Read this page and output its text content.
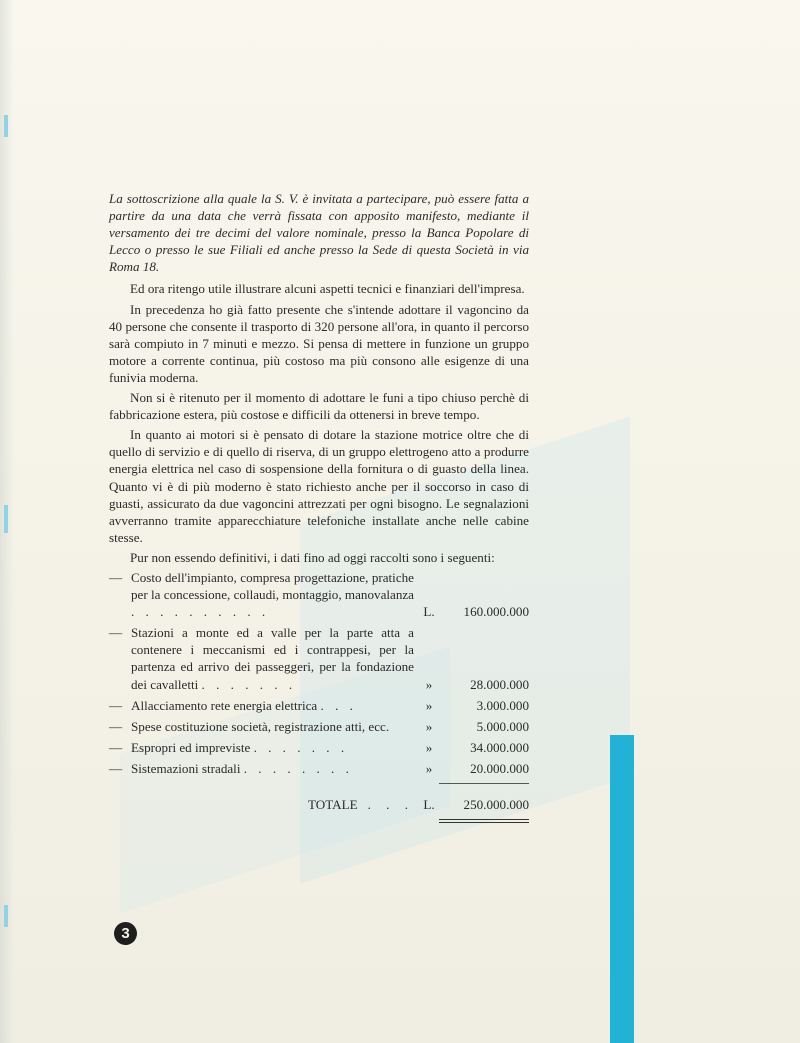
La sottoscrizione alla quale la S. V. è invitata a partecipare, può essere fatta a partire da una data che verrà fissata con apposito manifesto, mediante il versamento dei tre decimi del valore nominale, presso la Banca Popolare di Lecco o presso le sue Filiali ed anche presso la Sede di questa Società in via Roma 18.

Ed ora ritengo utile illustrare alcuni aspetti tecnici e finanziari dell'impresa.

In precedenza ho già fatto presente che s'intende adottare il vagoncino da 40 persone che consente il trasporto di 320 persone all'ora, in quanto il percorso sarà compiuto in 7 minuti e mezzo. Si pensa di mettere in funzione un gruppo motore a corrente continua, più costoso ma più consono alle esigenze di una funivia moderna.

Non si è ritenuto per il momento di adottare le funi a tipo chiuso perchè di fabbricazione estera, più costose e difficili da ottenersi in breve tempo.

In quanto ai motori si è pensato di dotare la stazione motrice oltre che di quello di servizio e di quello di riserva, di un gruppo elettrogeno atto a produrre energia elettrica nel caso di sospensione della fornitura o di guasto della linea. Quanto vi è di più moderno è stato richiesto anche per il soccorso in caso di guasti, assicurato da due vagoncini attrezzati per ogni bisogno. Le segnalazioni avverranno tramite apparecchiature telefoniche installate anche nelle cabine stesse.

Pur non essendo definitivi, i dati fino ad oggi raccolti sono i seguenti:

— Costo dell'impianto, compresa progettazione, pratiche per la concessione, collaudi, montaggio, manovalanza . . . . . . . . . .	L.	160.000.000
— Stazioni a monte ed a valle per la parte atta a contenere i meccanismi ed i contrappesi, per la partenza ed arrivo dei passeggeri, per la fondazione dei cavalletti . . . . . . .	»	28.000.000
— Allacciamento rete energia elettrica . . .	»	3.000.000
— Spese costituzione società, registrazione atti, ecc.	»	5.000.000
— Espropri ed impreviste . . . . . . .	»	34.000.000
— Sistemazioni stradali . . . . . . . .	»	20.000.000
TOTALE . . . L.	250.000.000
3
